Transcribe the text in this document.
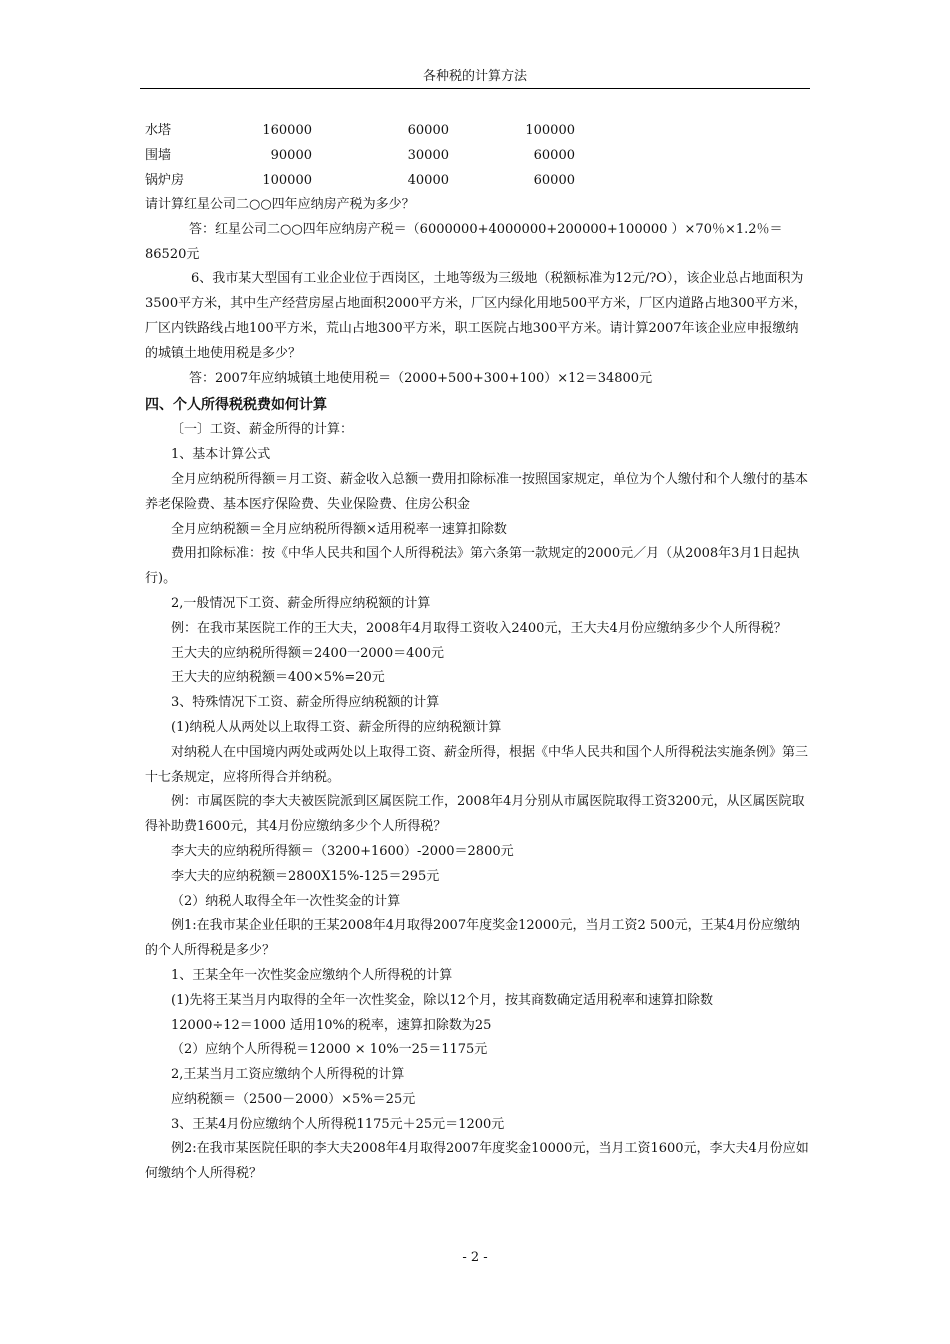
各种税的计算方法
水塔	160000	60000	100000
围墙	90000	30000	60000
锅炉房	100000	40000	60000

请计算红星公司二○○四年应纳房产税为多少？

答：红星公司二○○四年应纳房产税＝（6000000+4000000+200000+100000 ）×70％×1.2％＝86520元

6、我市某大型国有工业企业位于西岗区，土地等级为三级地（税额标准为12元/?O），该企业总占地面积为3500平方米，其中生产经营房屋占地面积2000平方米，厂区内绿化用地500平方米，厂区内道路占地300平方米，厂区内铁路线占地100平方米，荒山占地300平方米，职工医院占地300平方米。请计算2007年该企业应申报缴纳的城镇土地使用税是多少？

答：2007年应纳城镇土地使用税＝（2000+500+300+100）×12＝34800元

四、个人所得税税费如何计算

〔一〕工资、薪金所得的计算：

1、基本计算公式

全月应纳税所得额＝月工资、薪金收入总额一费用扣除标准一按照国家规定，单位为个人缴付和个人缴付的基本养老保险费、基本医疗保险费、失业保险费、住房公积金

全月应纳税额＝全月应纳税所得额×适用税率一速算扣除数

费用扣除标准：按《中华人民共和国个人所得税法》第六条第一款规定的2000元／月（从2008年3月1日起执行)。

2,一般情况下工资、薪金所得应纳税额的计算

例：在我市某医院工作的王大夫，2008年4月取得工资收入2400元，王大夫4月份应缴纳多少个人所得税？

王大夫的应纳税所得额＝2400一2000＝400元

王大夫的应纳税额＝400×5%=20元

3、特殊情况下工资、薪金所得应纳税额的计算

(1)纳税人从两处以上取得工资、薪金所得的应纳税额计算

对纳税人在中国境内两处或两处以上取得工资、薪金所得，根据《中华人民共和国个人所得税法实施条例》第三十七条规定，应将所得合并纳税。

例：市属医院的李大夫被医院派到区属医院工作，2008年4月分别从市属医院取得工资3200元，从区属医院取得补助费1600元，其4月份应缴纳多少个人所得税？

李大夫的应纳税所得额＝（3200+1600）-2000＝2800元

李大夫的应纳税额＝2800X15%-125＝295元

（2）纳税人取得全年一次性奖金的计算

例1:在我市某企业任职的王某2008年4月取得2007年度奖金12000元，当月工资2 500元，王某4月份应缴纳的个人所得税是多少？

1、王某全年一次性奖金应缴纳个人所得税的计算

(1)先将王某当月内取得的全年一次性奖金，除以12个月，按其商数确定适用税率和速算扣除数

12000÷12＝1000 适用10%的税率，速算扣除数为25

（2）应纳个人所得税＝12000 × 10%一25＝1175元

2,王某当月工资应缴纳个人所得税的计算

应纳税额＝（2500－2000）×5%＝25元

3、王某4月份应缴纳个人所得税1175元＋25元＝1200元

例2:在我市某医院任职的李大夫2008年4月取得2007年度奖金10000元，当月工资1600元，李大夫4月份应如何缴纳个人所得税？

- 2 -
